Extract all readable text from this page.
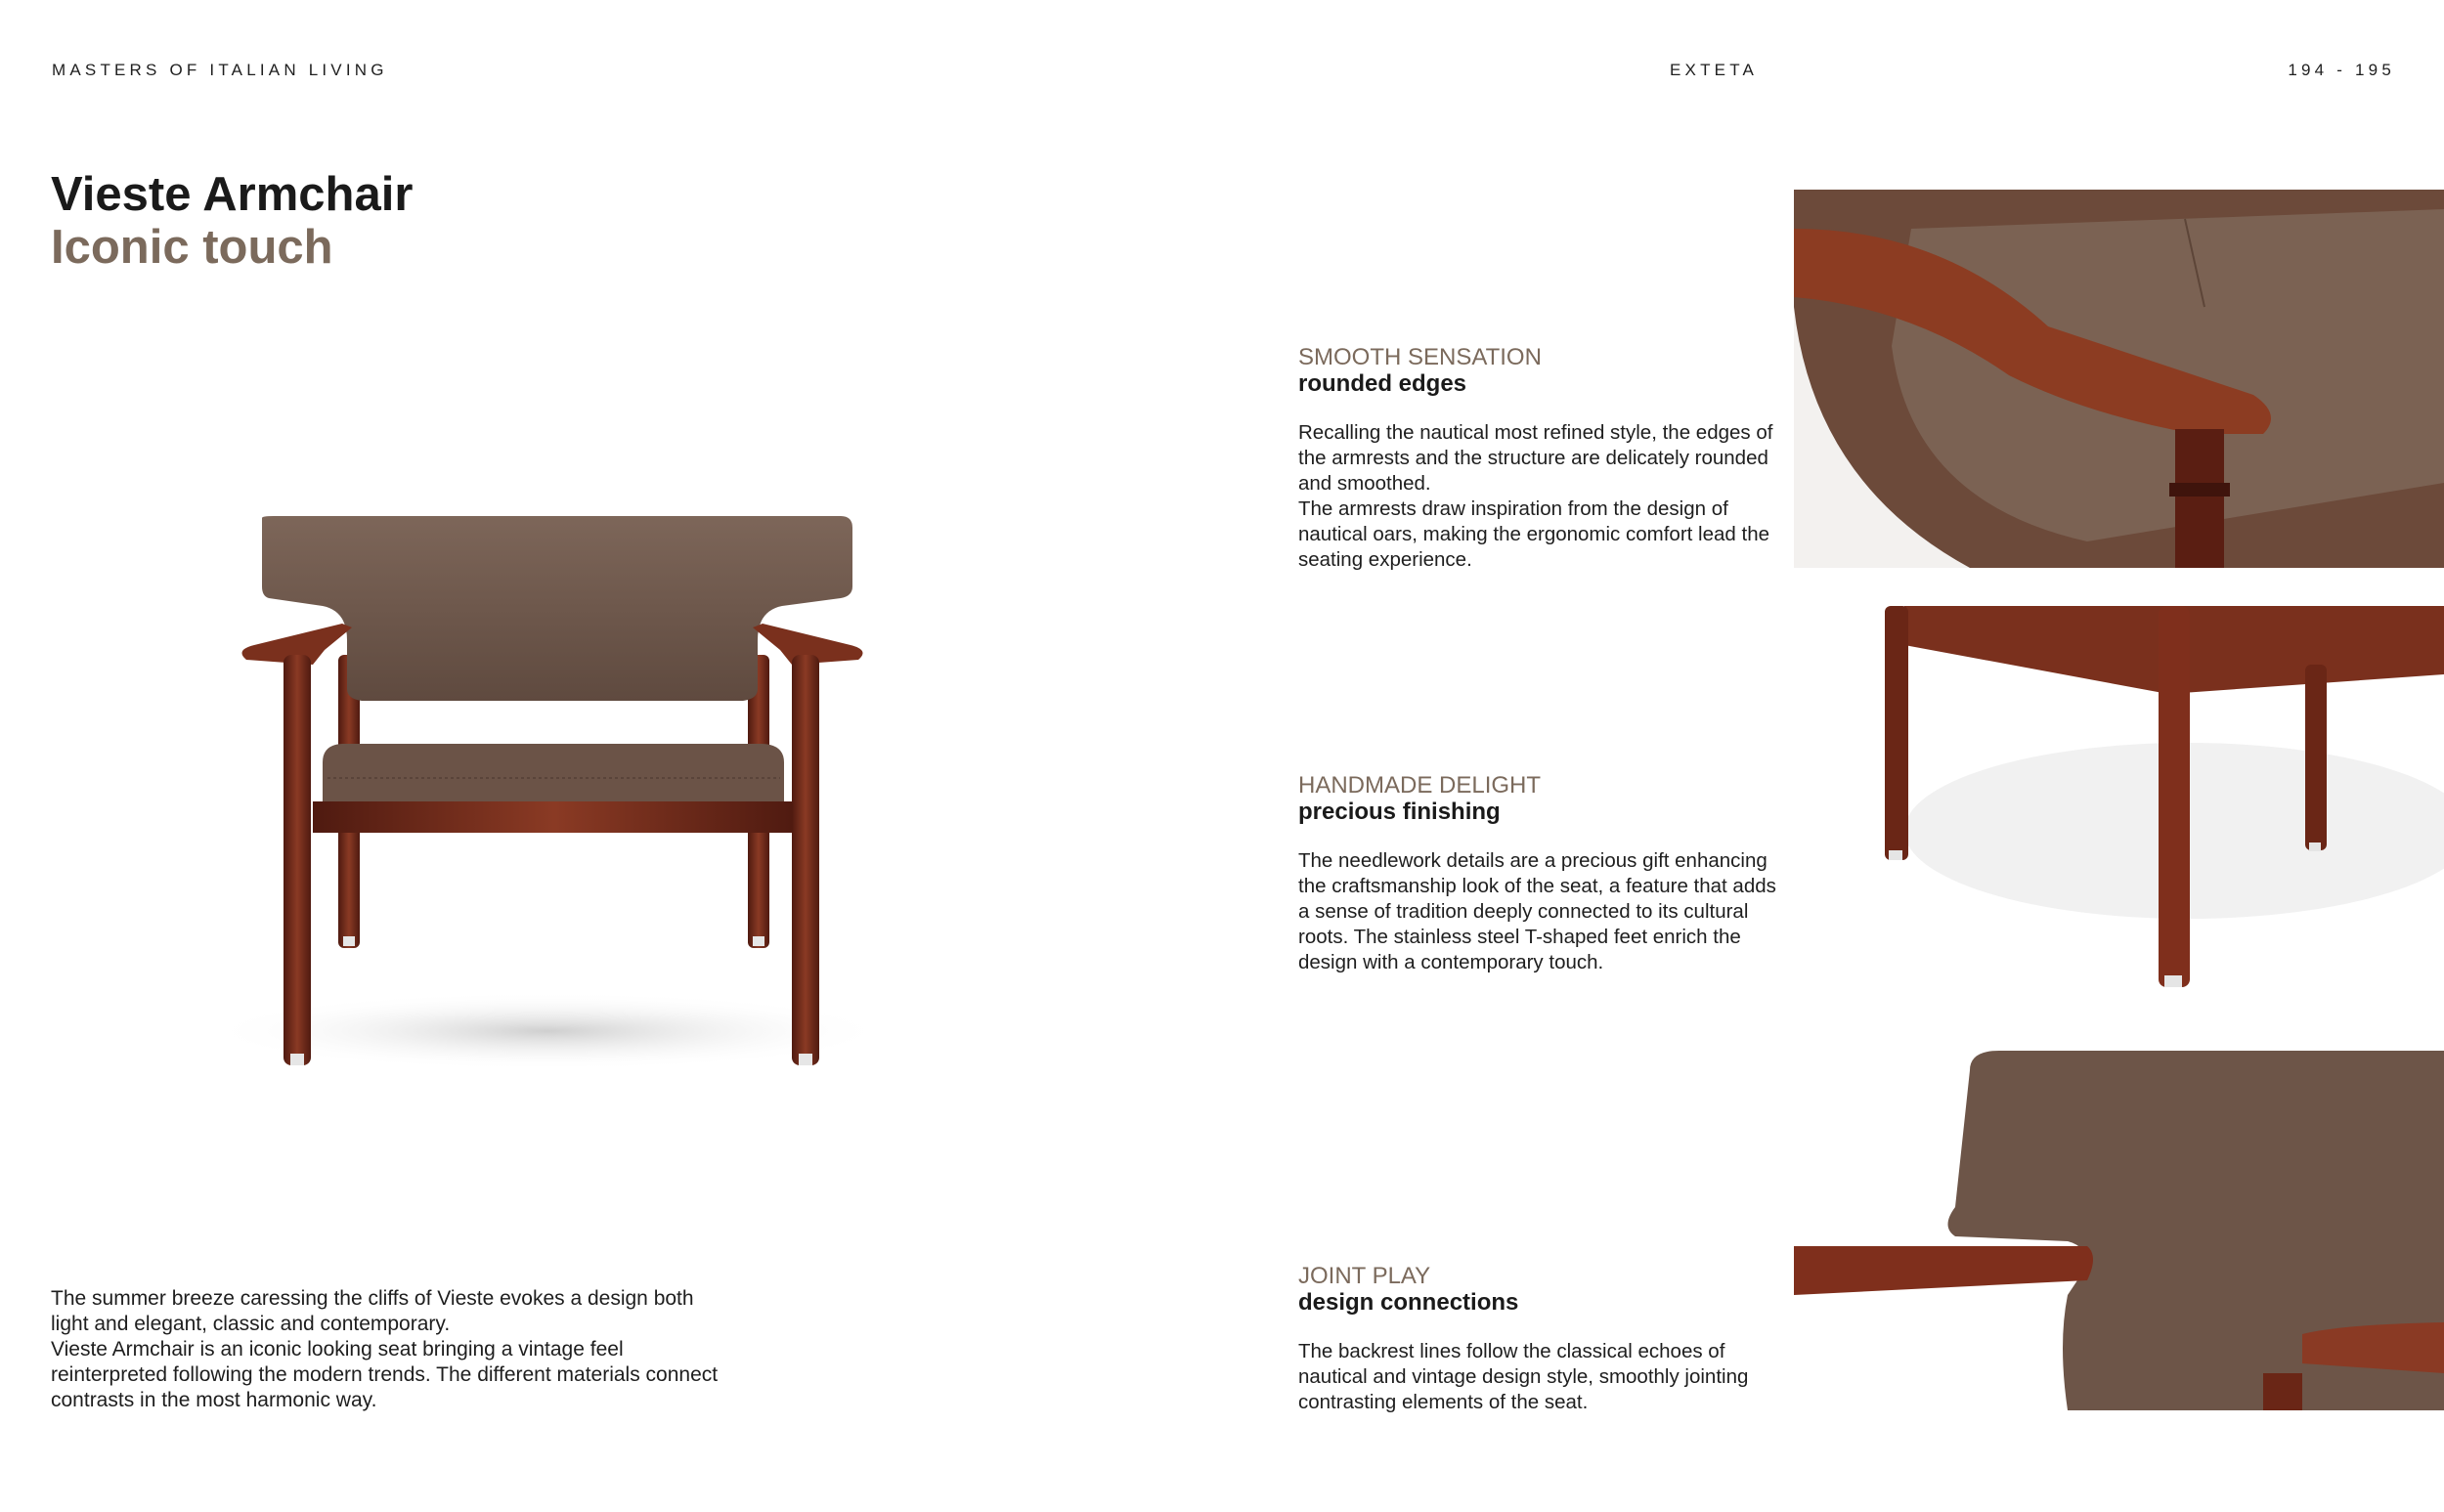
MASTERS OF ITALIAN LIVING	EXTETA	194 - 195
Vieste Armchair
Iconic touch

The summer breeze caressing the cliffs of Vieste evokes a design both light and elegant, classic and contemporary.

Vieste Armchair is an iconic looking seat bringing a vintage feel reinterpreted following the modern trends. The different materials connect contrasts in the most harmonic way.

SMOOTH SENSATION

rounded edges

Recalling the nautical most refined style, the edges of the armrests and the structure are delicately rounded and smoothed.

The armrests draw inspiration from the design of nautical oars, making the ergonomic comfort lead the seating experience.

HANDMADE DELIGHT

precious finishing

The needlework details are a precious gift enhancing the craftsmanship look of the seat, a feature that adds a sense of tradition deeply connected to its cultural roots. The stainless steel T-shaped feet enrich the design with a contemporary touch.

JOINT PLAY

design connections

The backrest lines follow the classical echoes of nautical and vintage design style, smoothly jointing contrasting elements of the seat.
